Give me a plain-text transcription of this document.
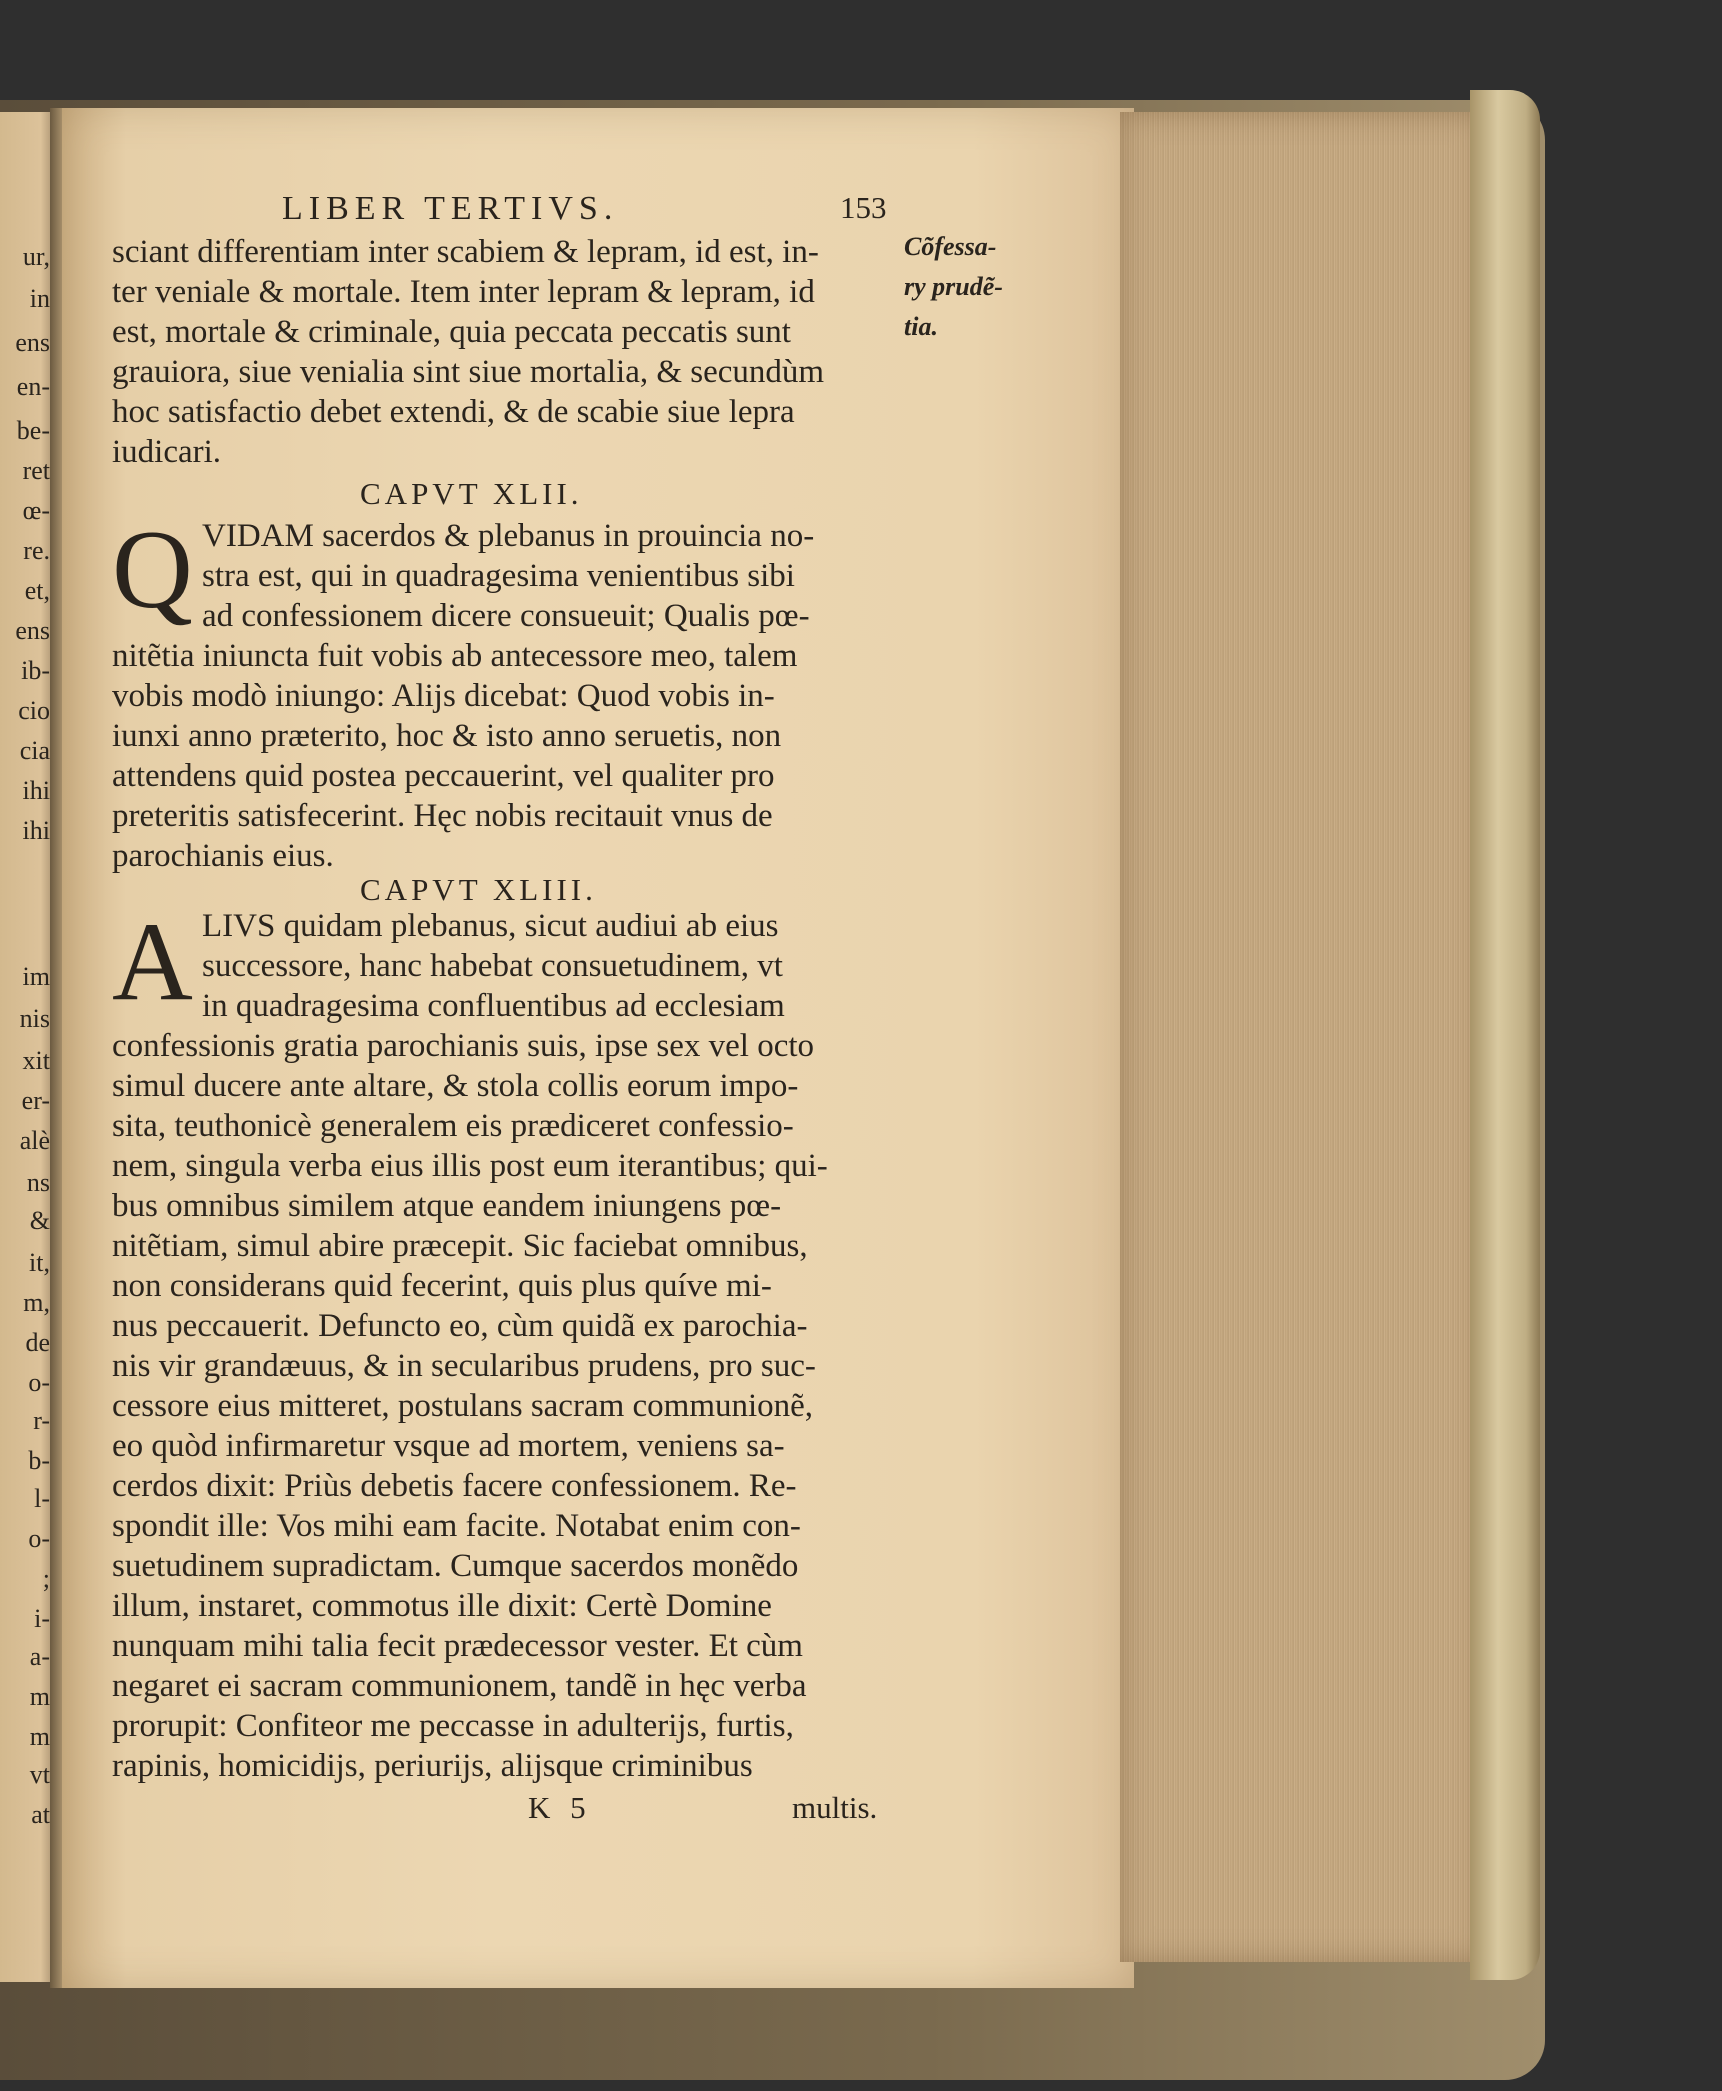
ur,
in
ens
en-
be-
ret
œ-
re.
et,
ens
ib-
cio
cia
ihi
ihi
im
nis
xit
er-
alè
ns
&
it,
m,
de
o-
r-
b-
l-
o-
;
i-
a-
m
m
vt
at
LIBER TERTIVS.	153
Cõfessa-
ry prudẽ-
tia.
sciant differentiam inter scabiem & lepram, id est, in-
ter veniale & mortale. Item inter lepram & lepram, id
est, mortale & criminale, quia peccata peccatis sunt
grauiora, siue venialia sint siue mortalia, & secundùm
hoc satisfactio debet extendi, & de scabie siue lepra
iudicari.
CAPVT XLII.
Q VIDAM sacerdos & plebanus in prouincia no-
stra est, qui in quadragesima venientibus sibi
ad confessionem dicere consueuit; Qualis pœ-
nitẽtia iniuncta fuit vobis ab antecessore meo, talem
vobis modò iniungo: Alijs dicebat: Quod vobis in-
iunxi anno præterito, hoc & isto anno seruetis, non
attendens quid postea peccauerint, vel qualiter pro
preteritis satisfecerint. Hęc nobis recitauit vnus de
parochianis eius.
CAPVT XLIII.
A LIVS quidam plebanus, sicut audiui ab eius
successore, hanc habebat consuetudinem, vt
in quadragesima confluentibus ad ecclesiam
confessionis gratia parochianis suis, ipse sex vel octo
simul ducere ante altare, & stola collis eorum impo-
sita, teuthonicè generalem eis prædiceret confessio-
nem, singula verba eius illis post eum iterantibus; qui-
bus omnibus similem atque eandem iniungens pœ-
nitẽtiam, simul abire præcepit. Sic faciebat omnibus,
non considerans quid fecerint, quis plus quíve mi-
nus peccauerit. Defuncto eo, cùm quidã ex parochia-
nis vir grandæuus, & in secularibus prudens, pro suc-
cessore eius mitteret, postulans sacram communionẽ,
eo quòd infirmaretur vsque ad mortem, veniens sa-
cerdos dixit: Priùs debetis facere confessionem. Re-
spondit ille: Vos mihi eam facite. Notabat enim con-
suetudinem supradictam. Cumque sacerdos monẽdo
illum, instaret, commotus ille dixit: Certè Domine
nunquam mihi talia fecit prædecessor vester. Et cùm
negaret ei sacram communionem, tandẽ in hęc verba
prorupit: Confiteor me peccasse in adulterijs, furtis,
rapinis, homicidijs, periurijs, alijsque criminibus
K 5	multis.
